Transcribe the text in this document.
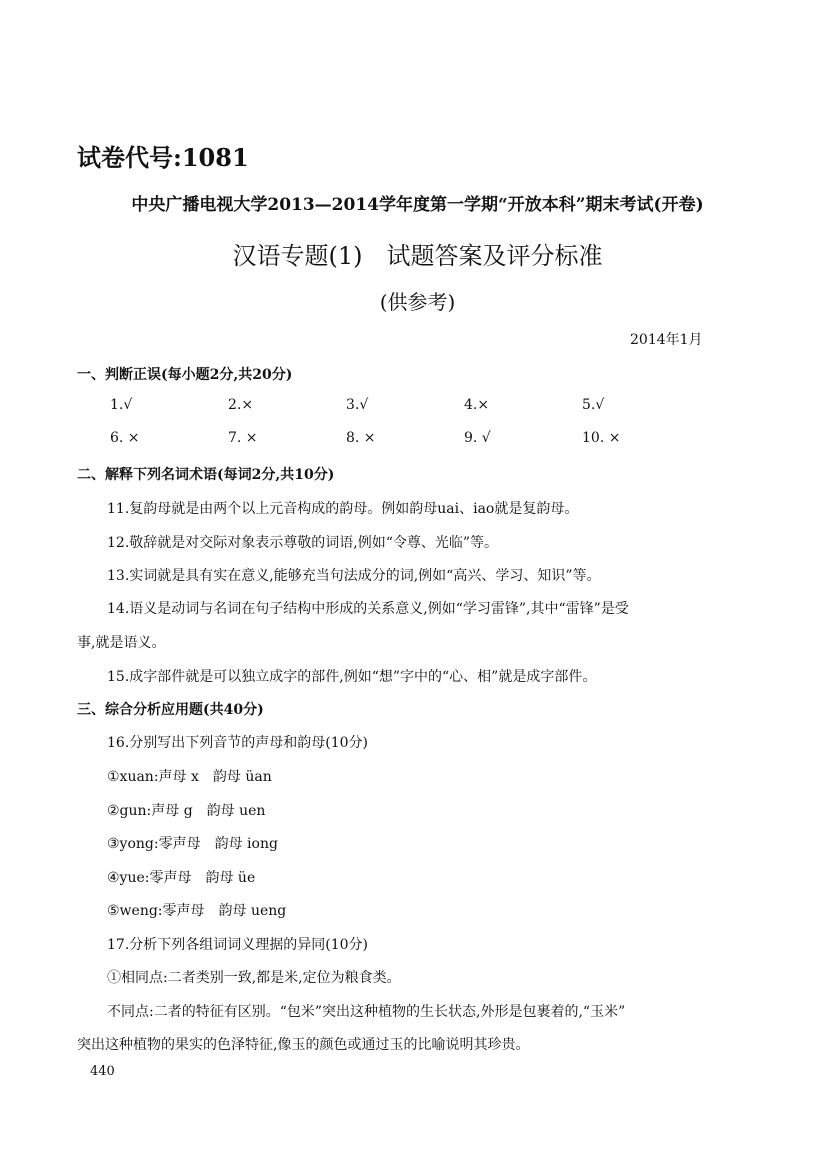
试卷代号:1081
中央广播电视大学2013—2014学年度第一学期“开放本科”期末考试(开卷)
汉语专题(1)　试题答案及评分标准
(供参考)
2014年1月
一、判断正误(每小题2分,共20分)
1.√	2.×	3.√	4.×	5.√
6. ×	7. ×	8. ×	9. √	10. ×
二、解释下列名词术语(每词2分,共10分)
11.复韵母就是由两个以上元音构成的韵母。例如韵母uai、iao就是复韵母。
12.敬辞就是对交际对象表示尊敬的词语,例如“令尊、光临”等。
13.实词就是具有实在意义,能够充当句法成分的词,例如“高兴、学习、知识”等。
14.语义是动词与名词在句子结构中形成的关系意义,例如“学习雷锋”,其中“雷锋”是受
事,就是语义。
15.成字部件就是可以独立成字的部件,例如“想”字中的“心、相”就是成字部件。
三、综合分析应用题(共40分)
16.分别写出下列音节的声母和韵母(10分)
①xuan:声母 x　韵母 üan
②gun:声母 g　韵母 uen
③yong:零声母　韵母 iong
④yue:零声母　韵母 üe
⑤weng:零声母　韵母 ueng
17.分析下列各组词词义理据的异同(10分)
①相同点:二者类别一致,都是米,定位为粮食类。
不同点:二者的特征有区别。“包米”突出这种植物的生长状态,外形是包裹着的,“玉米”
突出这种植物的果实的色泽特征,像玉的颜色或通过玉的比喻说明其珍贵。
440
